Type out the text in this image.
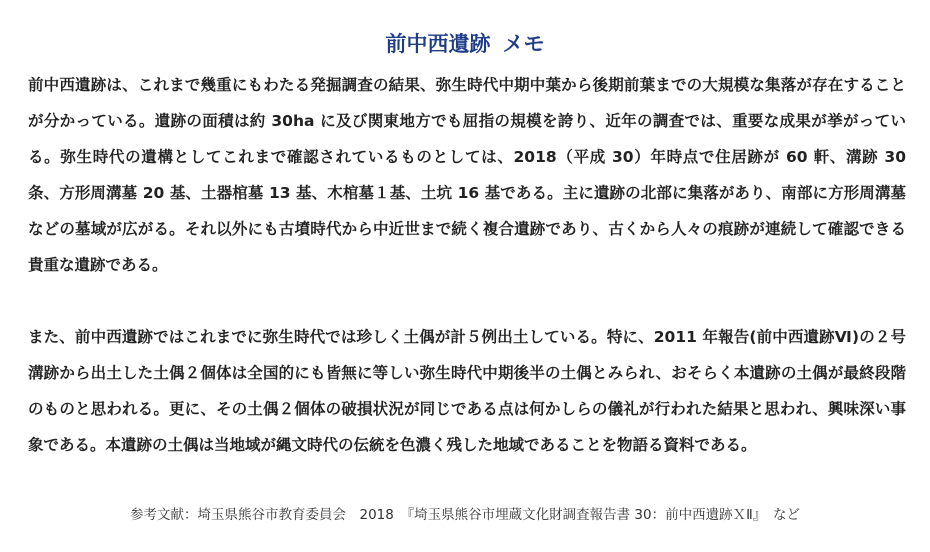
前中西遺跡 メモ

前中西遺跡は、これまで幾重にもわたる発掘調査の結果、弥生時代中期中葉から後期前葉までの大規模な集落が存在することが分かっている。遺跡の面積は約 30ha に及び関東地方でも屈指の規模を誇り、近年の調査では、重要な成果が挙がっている。弥生時代の遺構としてこれまで確認されているものとしては、2018（平成 30）年時点で住居跡が 60 軒、溝跡 30 条、方形周溝墓 20 基、土器棺墓 13 基、木棺墓１基、土坑 16 基である。主に遺跡の北部に集落があり、南部に方形周溝墓などの墓域が広がる。それ以外にも古墳時代から中近世まで続く複合遺跡であり、古くから人々の痕跡が連続して確認できる貴重な遺跡である。

また、前中西遺跡ではこれまでに弥生時代では珍しく土偶が計５例出土している。特に、2011 年報告(前中西遺跡Ⅵ)の２号溝跡から出土した土偶２個体は全国的にも皆無に等しい弥生時代中期後半の土偶とみられ、おそらく本遺跡の土偶が最終段階のものと思われる。更に、その土偶２個体の破損状況が同じである点は何かしらの儀礼が行われた結果と思われ、興味深い事象である。本遺跡の土偶は当地域が縄文時代の伝統を色濃く残した地域であることを物語る資料である。

参考文献：埼玉県熊谷市教育委員会　2018　『埼玉県熊谷市埋蔵文化財調査報告書 30：前中西遺跡ＸⅡ』　など
